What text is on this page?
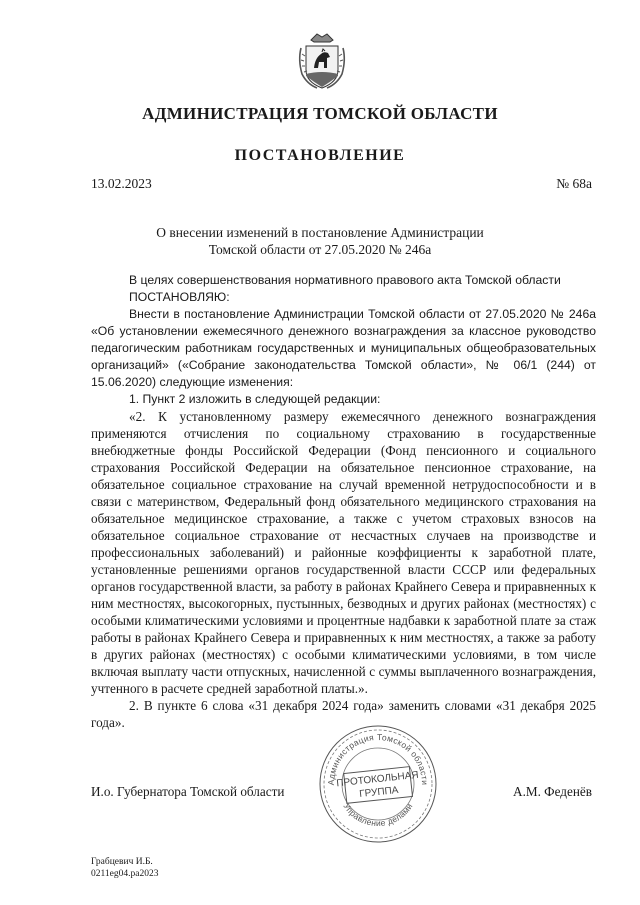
АДМИНИСТРАЦИЯ ТОМСКОЙ ОБЛАСТИ
ПОСТАНОВЛЕНИЕ
13.02.2023	№ 68а
О внесении изменений в постановление Администрации
Томской области от 27.05.2020 № 246а

В целях совершенствования нормативного правового акта Томской области

ПОСТАНОВЛЯЮ:

Внести в постановление Администрации Томской области от 27.05.2020 № 246а «Об установлении ежемесячного денежного вознаграждения за классное руководство педагогическим работникам государственных и муниципальных общеобразовательных организаций» («Собрание законодательства Томской области», № 06/1 (244) от 15.06.2020) следующие изменения:

1. Пункт 2 изложить в следующей редакции:

«2. К установленному размеру ежемесячного денежного вознаграждения применяются отчисления по социальному страхованию в государственные внебюджетные фонды Российской Федерации (Фонд пенсионного и социального страхования Российской Федерации на обязательное пенсионное страхование, на обязательное социальное страхование на случай временной нетрудоспособности и в связи с материнством, Федеральный фонд обязательного медицинского страхования на обязательное медицинское страхование, а также с учетом страховых взносов на обязательное социальное страхование от несчастных случаев на производстве и профессиональных заболеваний) и районные коэффициенты к заработной плате, установленные решениями органов государственной власти СССР или федеральных органов государственной власти, за работу в районах Крайнего Севера и приравненных к ним местностях, высокогорных, пустынных, безводных и других районах (местностях) с особыми климатическими условиями и процентные надбавки к заработной плате за стаж работы в районах Крайнего Севера и приравненных к ним местностях, а также за работу в других районах (местностях) с особыми климатическими условиями, в том числе включая выплату части отпускных, начисленной с суммы выплаченного вознаграждения, учтенного в расчете средней заработной платы.».

2. В пункте 6 слова «31 декабря 2024 года» заменить словами «31 декабря 2025 года».

Администрация Томской области
Управление делами
ПРОТОКОЛЬНАЯ
ГРУППА
И.о. Губернатора Томской области	А.М. Феденёв
Грабцевич И.Б.
0211eg04.ра2023
